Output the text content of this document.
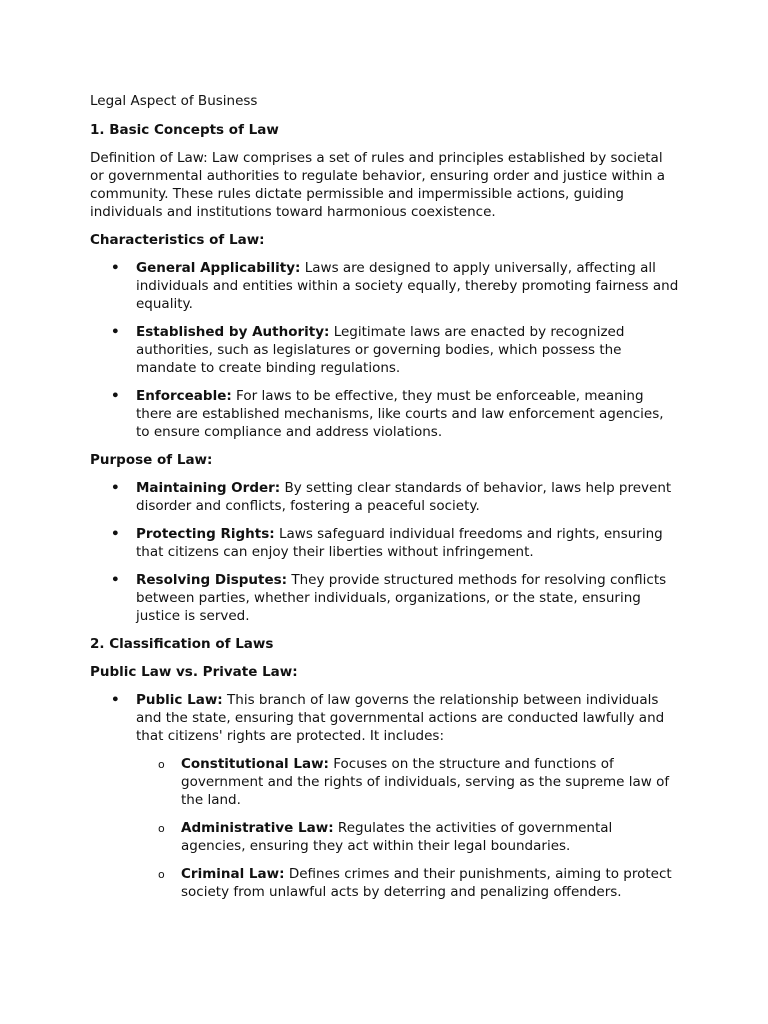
Legal Aspect of Business

1. Basic Concepts of Law

Definition of Law: Law comprises a set of rules and principles established by societal or governmental authorities to regulate behavior, ensuring order and justice within a community. These rules dictate permissible and impermissible actions, guiding individuals and institutions toward harmonious coexistence.

Characteristics of Law:

• General Applicability: Laws are designed to apply universally, affecting all individuals and entities within a society equally, thereby promoting fairness and equality.
• Established by Authority: Legitimate laws are enacted by recognized authorities, such as legislatures or governing bodies, which possess the mandate to create binding regulations.
• Enforceable: For laws to be effective, they must be enforceable, meaning there are established mechanisms, like courts and law enforcement agencies, to ensure compliance and address violations.

Purpose of Law:

• Maintaining Order: By setting clear standards of behavior, laws help prevent disorder and conflicts, fostering a peaceful society.
• Protecting Rights: Laws safeguard individual freedoms and rights, ensuring that citizens can enjoy their liberties without infringement.
• Resolving Disputes: They provide structured methods for resolving conflicts between parties, whether individuals, organizations, or the state, ensuring justice is served.

2. Classification of Laws

Public Law vs. Private Law:

• Public Law: This branch of law governs the relationship between individuals and the state, ensuring that governmental actions are conducted lawfully and that citizens' rights are protected. It includes:
o Constitutional Law: Focuses on the structure and functions of government and the rights of individuals, serving as the supreme law of the land.
o Administrative Law: Regulates the activities of governmental agencies, ensuring they act within their legal boundaries.
o Criminal Law: Defines crimes and their punishments, aiming to protect society from unlawful acts by deterring and penalizing offenders.
